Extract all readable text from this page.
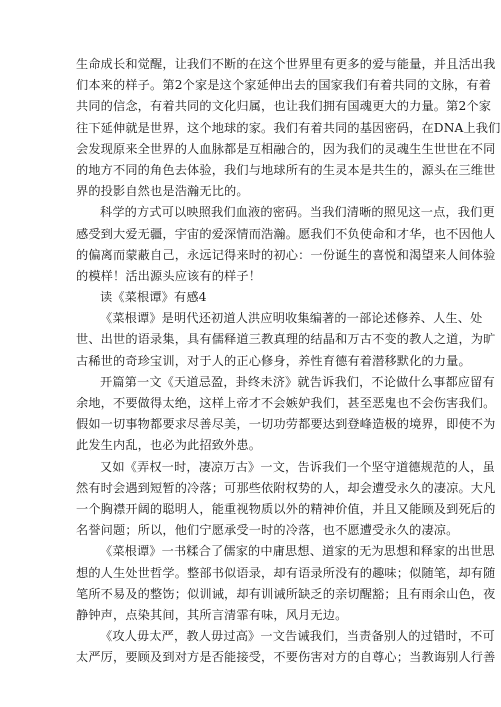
生命成长和觉醒，让我们不断的在这个世界里有更多的爱与能量，并且活出我
们本来的样子。第2个家是这个家延伸出去的国家我们有着共同的文脉，有着
共同的信念，有着共同的文化归属，也让我们拥有国魂更大的力量。第2个家
往下延伸就是世界，这个地球的家。我们有着共同的基因密码，在DNA上我们
会发现原来全世界的人血脉都是互相融合的，因为我们的灵魂生生世世在不同
的地方不同的角色去体验，我们与地球所有的生灵本是共生的，源头在三维世
界的投影自然也是浩瀚无比的。
科学的方式可以映照我们血液的密码。当我们清晰的照见这一点，我们更
感受到大爱无疆，宇宙的爱深情而浩瀚。愿我们不负使命和才华，也不因他人
的偏离而蒙蔽自己，永远记得来时的初心：一份诞生的喜悦和渴望来人间体验
的模样！活出源头应该有的样子！
读《菜根谭》有感4
《菜根谭》是明代还初道人洪应明收集编著的一部论述修养、人生、处
世、出世的语录集，具有儒释道三教真理的结晶和万古不变的教人之道，为旷
古稀世的奇珍宝训，对于人的正心修身，养性育德有着潜移默化的力量。
开篇第一文《天道忌盈，卦终未济》就告诉我们，不论做什么事都应留有
余地，不要做得太绝，这样上帝才不会嫉妒我们，甚至恶鬼也不会伤害我们。
假如一切事物都要求尽善尽美，一切功劳都要达到登峰造极的境界，即使不为
此发生内乱，也必为此招致外患。
又如《弄权一时，凄凉万古》一文，告诉我们一个坚守道德规范的人，虽
然有时会遇到短暂的冷落；可那些依附权势的人，却会遭受永久的凄凉。大凡
一个胸襟开阔的聪明人，能重视物质以外的精神价值，并且又能顾及到死后的
名誉问题；所以，他们宁愿承受一时的冷落，也不愿遭受永久的凄凉。
《菜根谭》一书糅合了儒家的中庸思想、道家的无为思想和释家的出世思
想的人生处世哲学。整部书似语录，却有语录所没有的趣味；似随笔，却有随
笔所不易及的整饬；似训诫，却有训诫所缺乏的亲切醒豁；且有雨余山色，夜
静钟声，点染其间，其所言清霏有味，风月无边。
《攻人毋太严，教人毋过高》一文告诫我们，当责备别人的过错时，不可
太严厉，要顾及到对方是否能接受，不要伤害对方的自尊心；当教诲别人行善
